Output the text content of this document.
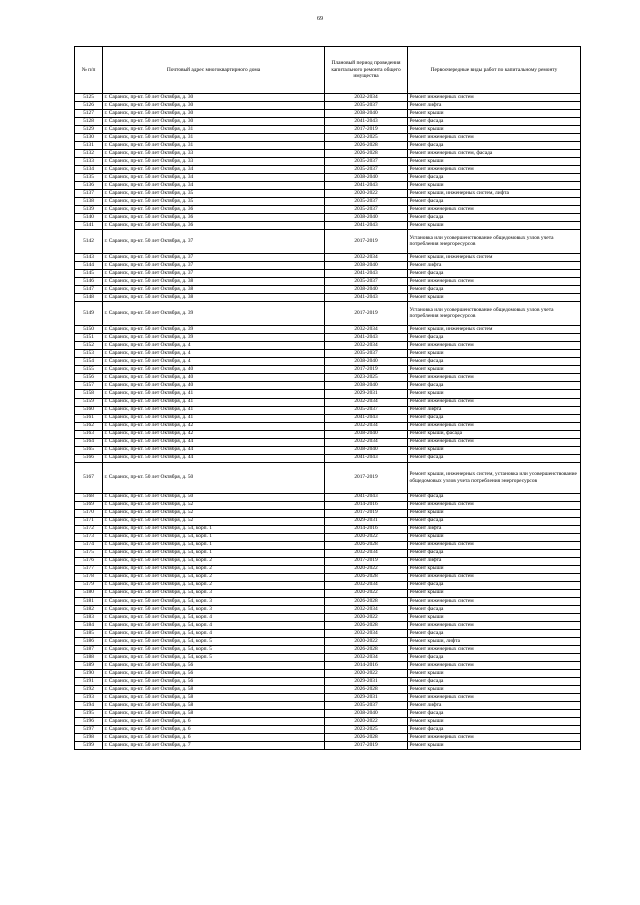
69
№ п/п	Почтовый адрес многоквартирного дома	Плановый период проведения капитального ремонта общего имущества	Первоочередные виды работ по капитальному ремонту
5125	г. Саранск, пр-кт. 50 лет Октября, д. 30	2032-2034	Ремонт инженерных систем
5126	г. Саранск, пр-кт. 50 лет Октября, д. 30	2035-2037	Ремонт лифта
5127	г. Саранск, пр-кт. 50 лет Октября, д. 30	2038-2040	Ремонт крыши
5128	г. Саранск, пр-кт. 50 лет Октября, д. 30	2041-2043	Ремонт фасада
5129	г. Саранск, пр-кт. 50 лет Октября, д. 31	2017-2019	Ремонт крыши
5130	г. Саранск, пр-кт. 50 лет Октября, д. 31	2023-2025	Ремонт инженерных систем
5131	г. Саранск, пр-кт. 50 лет Октября, д. 31	2026-2028	Ремонт фасада
5132	г. Саранск, пр-кт. 50 лет Октября, д. 33	2026-2028	Ремонт инженерных систем, фасада
5133	г. Саранск, пр-кт. 50 лет Октября, д. 33	2035-2037	Ремонт крыши
5134	г. Саранск, пр-кт. 50 лет Октября, д. 34	2035-2037	Ремонт инженерных систем
5135	г. Саранск, пр-кт. 50 лет Октября, д. 34	2038-2040	Ремонт фасада
5136	г. Саранск, пр-кт. 50 лет Октября, д. 34	2041-2043	Ремонт крыши
5137	г. Саранск, пр-кт. 50 лет Октября, д. 35	2020-2022	Ремонт крыши, инженерных систем, лифта
5138	г. Саранск, пр-кт. 50 лет Октября, д. 35	2035-2037	Ремонт фасада
5139	г. Саранск, пр-кт. 50 лет Октября, д. 36	2035-2037	Ремонт инженерных систем
5140	г. Саранск, пр-кт. 50 лет Октября, д. 36	2038-2040	Ремонт фасада
5141	г. Саранск, пр-кт. 50 лет Октября, д. 36	2041-2043	Ремонт крыши
5142	г. Саранск, пр-кт. 50 лет Октября, д. 37	2017-2019	Установка или усовершенствование общедомовых узлов учета потребления энергоресурсов
5143	г. Саранск, пр-кт. 50 лет Октября, д. 37	2032-2034	Ремонт крыши, инженерных систем
5144	г. Саранск, пр-кт. 50 лет Октября, д. 37	2038-2040	Ремонт лифта
5145	г. Саранск, пр-кт. 50 лет Октября, д. 37	2041-2043	Ремонт фасада
5146	г. Саранск, пр-кт. 50 лет Октября, д. 38	2035-2037	Ремонт инженерных систем
5147	г. Саранск, пр-кт. 50 лет Октября, д. 38	2038-2040	Ремонт фасада
5148	г. Саранск, пр-кт. 50 лет Октября, д. 38	2041-2043	Ремонт крыши
5149	г. Саранск, пр-кт. 50 лет Октября, д. 39	2017-2019	Установка или усовершенствование общедомовых узлов учета потребления энергоресурсов
5150	г. Саранск, пр-кт. 50 лет Октября, д. 39	2032-2034	Ремонт крыши, инженерных систем
5151	г. Саранск, пр-кт. 50 лет Октября, д. 39	2041-2043	Ремонт фасада
5152	г. Саранск, пр-кт. 50 лет Октября, д. 4	2032-2034	Ремонт инженерных систем
5153	г. Саранск, пр-кт. 50 лет Октября, д. 4	2035-2037	Ремонт крыши
5154	г. Саранск, пр-кт. 50 лет Октября, д. 4	2038-2040	Ремонт фасада
5155	г. Саранск, пр-кт. 50 лет Октября, д. 40	2017-2019	Ремонт крыши
5156	г. Саранск, пр-кт. 50 лет Октября, д. 40	2023-2025	Ремонт инженерных систем
5157	г. Саранск, пр-кт. 50 лет Октября, д. 40	2038-2040	Ремонт фасада
5158	г. Саранск, пр-кт. 50 лет Октября, д. 41	2029-2031	Ремонт крыши
5159	г. Саранск, пр-кт. 50 лет Октября, д. 41	2032-2034	Ремонт инженерных систем
5160	г. Саранск, пр-кт. 50 лет Октября, д. 41	2035-2037	Ремонт лифта
5161	г. Саранск, пр-кт. 50 лет Октября, д. 41	2041-2043	Ремонт фасада
5162	г. Саранск, пр-кт. 50 лет Октября, д. 42	2032-2034	Ремонт инженерных систем
5163	г. Саранск, пр-кт. 50 лет Октября, д. 42	2038-2040	Ремонт крыши, фасада
5164	г. Саранск, пр-кт. 50 лет Октября, д. 44	2032-2034	Ремонт инженерных систем
5165	г. Саранск, пр-кт. 50 лет Октября, д. 44	2038-2040	Ремонт крыши
5166	г. Саранск, пр-кт. 50 лет Октября, д. 44	2041-2043	Ремонт фасада
5167	г. Саранск, пр-кт. 50 лет Октября, д. 50	2017-2019	Ремонт крыши, инженерных систем, установка или усовершенствование общедомовых узлов учета потребления энергоресурсов
5168	г. Саранск, пр-кт. 50 лет Октября, д. 50	2041-2043	Ремонт фасада
5169	г. Саранск, пр-кт. 50 лет Октября, д. 52	2014-2016	Ремонт инженерных систем
5170	г. Саранск, пр-кт. 50 лет Октября, д. 52	2017-2019	Ремонт крыши
5171	г. Саранск, пр-кт. 50 лет Октября, д. 52	2029-2031	Ремонт фасада
5172	г. Саранск, пр-кт. 50 лет Октября, д. 54, корп. 1	2014-2016	Ремонт лифта
5173	г. Саранск, пр-кт. 50 лет Октября, д. 54, корп. 1	2020-2022	Ремонт крыши
5174	г. Саранск, пр-кт. 50 лет Октября, д. 54, корп. 1	2026-2028	Ремонт инженерных систем
5175	г. Саранск, пр-кт. 50 лет Октября, д. 54, корп. 1	2032-2034	Ремонт фасада
5176	г. Саранск, пр-кт. 50 лет Октября, д. 54, корп. 2	2017-2019	Ремонт лифта
5177	г. Саранск, пр-кт. 50 лет Октября, д. 54, корп. 2	2020-2022	Ремонт крыши
5178	г. Саранск, пр-кт. 50 лет Октября, д. 54, корп. 2	2026-2028	Ремонт инженерных систем
5179	г. Саранск, пр-кт. 50 лет Октября, д. 54, корп. 2	2032-2034	Ремонт фасада
5180	г. Саранск, пр-кт. 50 лет Октября, д. 54, корп. 3	2020-2022	Ремонт крыши
5181	г. Саранск, пр-кт. 50 лет Октября, д. 54, корп. 3	2026-2028	Ремонт инженерных систем
5182	г. Саранск, пр-кт. 50 лет Октября, д. 54, корп. 3	2032-2034	Ремонт фасада
5183	г. Саранск, пр-кт. 50 лет Октября, д. 54, корп. 4	2020-2022	Ремонт крыши
5184	г. Саранск, пр-кт. 50 лет Октября, д. 54, корп. 4	2026-2028	Ремонт инженерных систем
5185	г. Саранск, пр-кт. 50 лет Октября, д. 54, корп. 4	2032-2034	Ремонт фасада
5186	г. Саранск, пр-кт. 50 лет Октября, д. 54, корп. 5	2020-2022	Ремонт крыши, лифта
5187	г. Саранск, пр-кт. 50 лет Октября, д. 54, корп. 5	2026-2028	Ремонт инженерных систем
5188	г. Саранск, пр-кт. 50 лет Октября, д. 54, корп. 5	2032-2034	Ремонт фасада
5189	г. Саранск, пр-кт. 50 лет Октября, д. 56	2014-2016	Ремонт инженерных систем
5190	г. Саранск, пр-кт. 50 лет Октября, д. 56	2020-2022	Ремонт крыши
5191	г. Саранск, пр-кт. 50 лет Октября, д. 56	2029-2031	Ремонт фасада
5192	г. Саранск, пр-кт. 50 лет Октября, д. 58	2026-2028	Ремонт крыши
5193	г. Саранск, пр-кт. 50 лет Октября, д. 58	2029-2031	Ремонт инженерных систем
5194	г. Саранск, пр-кт. 50 лет Октября, д. 58	2035-2037	Ремонт лифта
5195	г. Саранск, пр-кт. 50 лет Октября, д. 58	2038-2040	Ремонт фасада
5196	г. Саранск, пр-кт. 50 лет Октября, д. 6	2020-2022	Ремонт крыши
5197	г. Саранск, пр-кт. 50 лет Октября, д. 6	2023-2025	Ремонт фасада
5198	г. Саранск, пр-кт. 50 лет Октября, д. 6	2026-2028	Ремонт инженерных систем
5199	г. Саранск, пр-кт. 50 лет Октября, д. 7	2017-2019	Ремонт крыши
